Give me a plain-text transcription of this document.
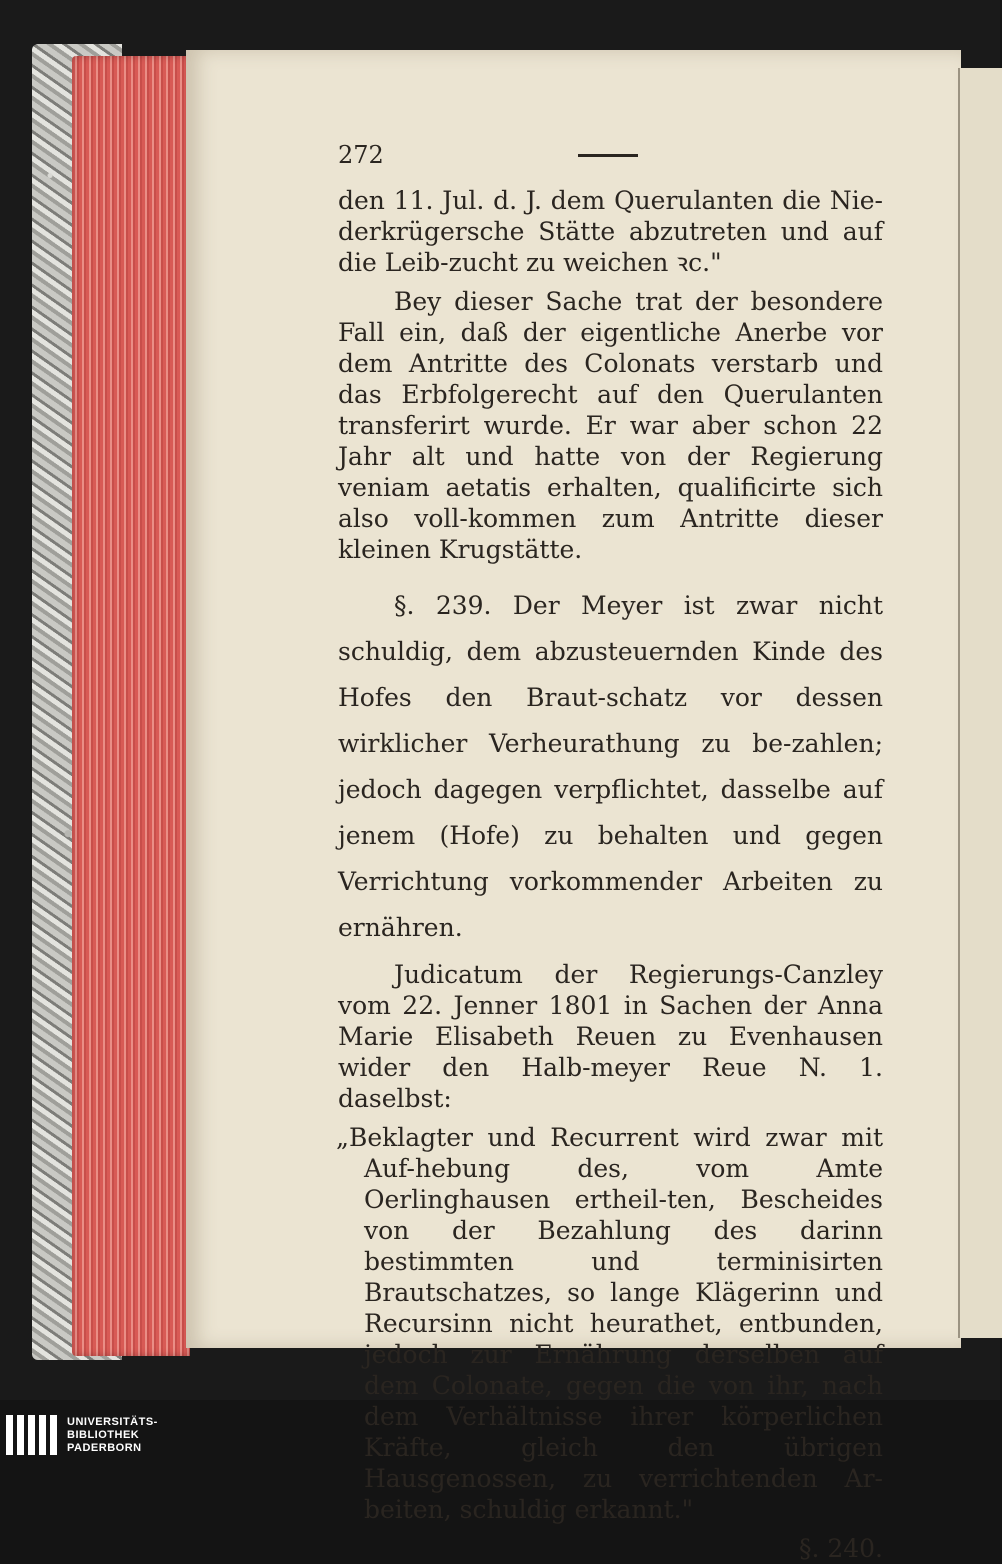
272

den 11. Jul. d. J. dem Querulanten die Nie-derkrügersche Stätte abzutreten und auf die Leib-zucht zu weichen ꝛc."

Bey dieser Sache trat der besondere Fall ein, daß der eigentliche Anerbe vor dem Antritte des Colonats verstarb und das Erbfolgerecht auf den Querulanten transferirt wurde. Er war aber schon 22 Jahr alt und hatte von der Regierung veniam aetatis erhalten, qualificirte sich also voll-kommen zum Antritte dieser kleinen Krugstätte.

§. 239. Der Meyer ist zwar nicht schuldig, dem abzusteuernden Kinde des Hofes den Braut-schatz vor dessen wirklicher Verheurathung zu be-zahlen; jedoch dagegen verpflichtet, dasselbe auf jenem (Hofe) zu behalten und gegen Verrichtung vorkommender Arbeiten zu ernähren.

Judicatum der Regierungs-Canzley vom 22. Jenner 1801 in Sachen der Anna Marie Elisabeth Reuen zu Evenhausen wider den Halb-meyer Reue N. 1. daselbst:

„Beklagter und Recurrent wird zwar mit Auf-hebung des, vom Amte Oerlinghausen ertheil-ten, Bescheides von der Bezahlung des darinn bestimmten und terminisirten Brautschatzes, so lange Klägerinn und Recursinn nicht heurathet, entbunden, jedoch zur Ernährung derselben auf dem Colonate, gegen die von ihr, nach dem Verhältnisse ihrer körperlichen Kräfte, gleich den übrigen Hausgenossen, zu verrichtenden Ar-beiten, schuldig erkannt."

§. 240.
UNIVERSITÄTS-
BIBLIOTHEK
PADERBORN
